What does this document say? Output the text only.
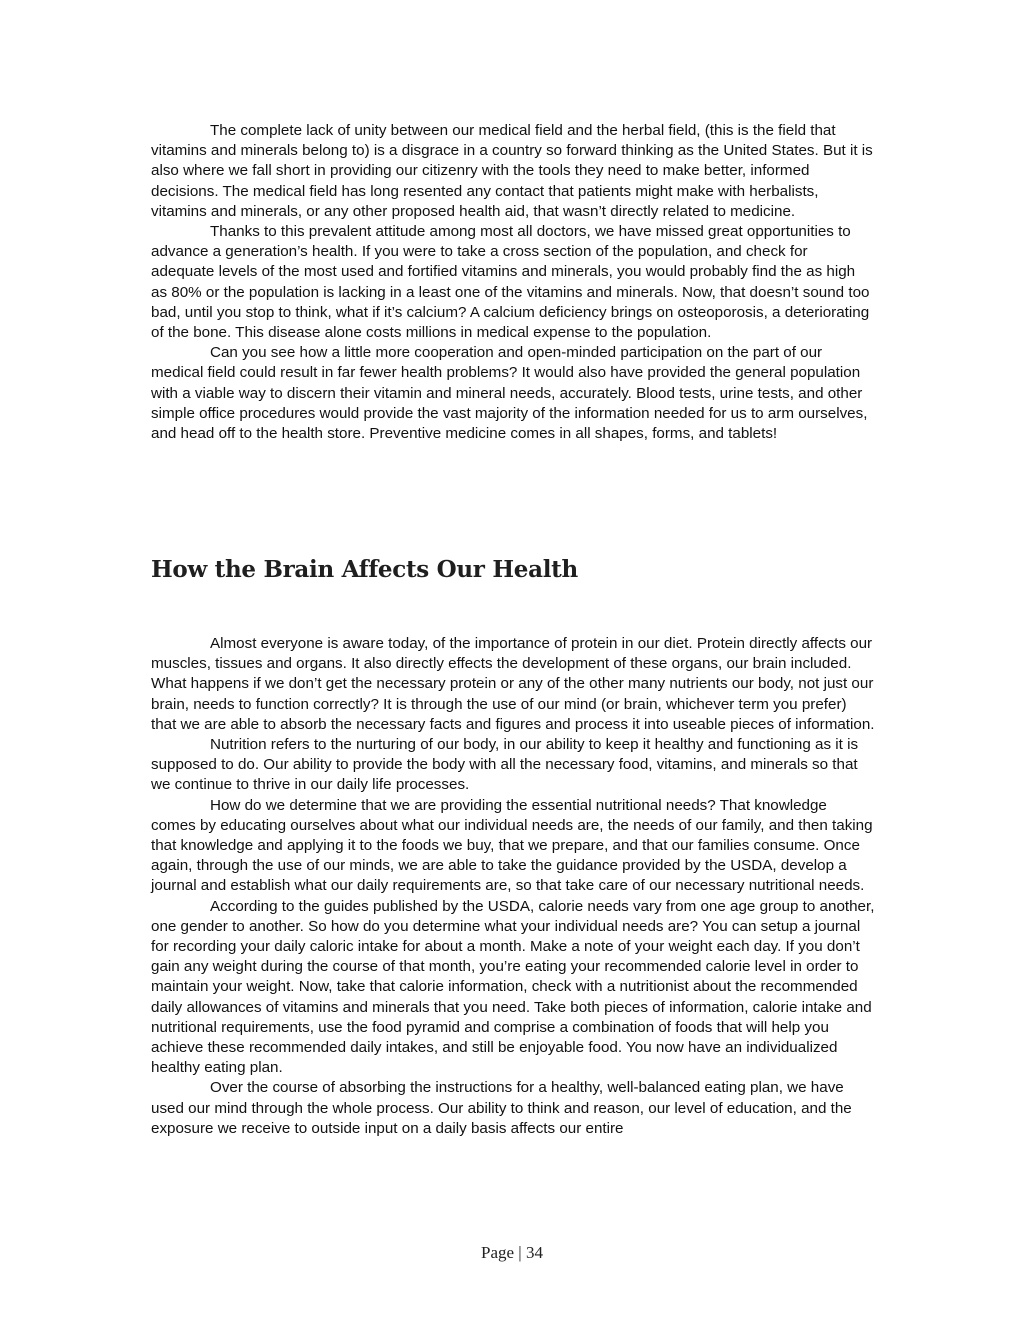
The complete lack of unity between our medical field and the herbal field, (this is the field that vitamins and minerals belong to) is a disgrace in a country so forward thinking as the United States. But it is also where we fall short in providing our citizenry with the tools they need to make better, informed decisions. The medical field has long resented any contact that patients might make with herbalists, vitamins and minerals, or any other proposed health aid, that wasn’t directly related to medicine.

Thanks to this prevalent attitude among most all doctors, we have missed great opportunities to advance a generation’s health. If you were to take a cross section of the population, and check for adequate levels of the most used and fortified vitamins and minerals, you would probably find the as high as 80% or the population is lacking in a least one of the vitamins and minerals. Now, that doesn’t sound too bad, until you stop to think, what if it’s calcium? A calcium deficiency brings on osteoporosis, a deteriorating of the bone. This disease alone costs millions in medical expense to the population.

Can you see how a little more cooperation and open-minded participation on the part of our medical field could result in far fewer health problems? It would also have provided the general population with a viable way to discern their vitamin and mineral needs, accurately. Blood tests, urine tests, and other simple office procedures would provide the vast majority of the information needed for us to arm ourselves, and head off to the health store. Preventive medicine comes in all shapes, forms, and tablets!

How the Brain Affects Our Health

Almost everyone is aware today, of the importance of protein in our diet. Protein directly affects our muscles, tissues and organs. It also directly effects the development of these organs, our brain included. What happens if we don’t get the necessary protein or any of the other many nutrients our body, not just our brain, needs to function correctly? It is through the use of our mind (or brain, whichever term you prefer) that we are able to absorb the necessary facts and figures and process it into useable pieces of information.

Nutrition refers to the nurturing of our body, in our ability to keep it healthy and functioning as it is supposed to do. Our ability to provide the body with all the necessary food, vitamins, and minerals so that we continue to thrive in our daily life processes.

How do we determine that we are providing the essential nutritional needs? That knowledge comes by educating ourselves about what our individual needs are, the needs of our family, and then taking that knowledge and applying it to the foods we buy, that we prepare, and that our families consume. Once again, through the use of our minds, we are able to take the guidance provided by the USDA, develop a journal and establish what our daily requirements are, so that take care of our necessary nutritional needs.

According to the guides published by the USDA, calorie needs vary from one age group to another, one gender to another. So how do you determine what your individual needs are? You can setup a journal for recording your daily caloric intake for about a month. Make a note of your weight each day. If you don’t gain any weight during the course of that month, you’re eating your recommended calorie level in order to maintain your weight. Now, take that calorie information, check with a nutritionist about the recommended daily allowances of vitamins and minerals that you need. Take both pieces of information, calorie intake and nutritional requirements, use the food pyramid and comprise a combination of foods that will help you achieve these recommended daily intakes, and still be enjoyable food. You now have an individualized healthy eating plan.

Over the course of absorbing the instructions for a healthy, well-balanced eating plan, we have used our mind through the whole process. Our ability to think and reason, our level of education, and the exposure we receive to outside input on a daily basis affects our entire

Page | 34
